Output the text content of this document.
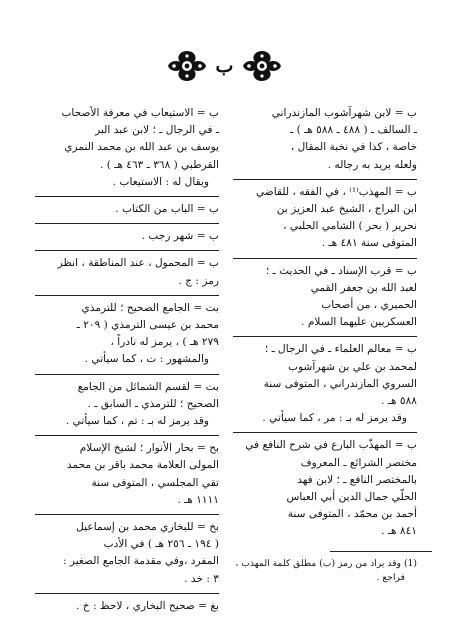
ب
ب = لابن شهرآشوب المازندراني
ـ السالف ـ ( ٤٨٨ ـ ٥٨٨ هـ ) ـ
خاصة ، كذا في نخبة المقال ،
ولعله يريد به رجاله .
ب = المهذب⁽¹⁾ ، في الفقه ، للقاضي
ابن البراج ، الشيخ عبد العزيز بن
نحرير ( بحر ) الشامي الحلبي ،
المتوفى سنة ٤٨١ هـ .
ب = قرب الإسناد ـ في الحديث ـ ؛
لعبد الله بن جعفر القمي
الحميري ، من أصحاب
العسكريين عليهما السلام .
ب = معالم العلماء ـ في الرجال ـ ؛
لمحمد بن علي بن شهرآشوب
السروي المازندراني ، المتوفى سنة
٥٨٨ هـ .
وقد يرمز له بـ : مر ، كما سيأتي .
ب = المهذّب البارع في شرح النافع في
مختصر الشرائع ـ المعروف
بالمختصر النافع ـ ؛ لابن فهد
الحلّي جمال الدين أبي العباس
أحمد بن محمّد ، المتوفى سنة
٨٤١ هـ .
ب = الاستيعاب في معرفة الأصحاب
ـ في الرجال ـ ؛ لابن عبد البر
يوسف بن عبد الله بن محمد النمري
القرطبي ( ٣٦٨ ـ ٤٦٣ هـ ) .
ويقال له : الاستيعاب .
ب = الباب من الكتاب .
ب = شهر رجب .
ب = المحمول ، عند المناطقة ، انظر
رمز : ج .
بت = الجامع الصحيح ؛ للترمذي
محمد بن عيسى الترمذي ( ٢٠٩ ـ
٢٧٩ هـ ) ، يرمز له نادراً ،
والمشهور : ت ، كما سيأتي .
بت = لقسم الشمائل من الجامع
الصحيح ؛ للترمذي ـ السابق ـ .
وقد يرمز له بـ : تم ، كما سيأتي .
بح = بحار الأنوار ؛ لشيخ الإسلام
المولى العلامة محمد باقر بن محمد
تقي المجلسي ، المتوفى سنة
١١١١ هـ .
بخ = للبخاري محمد بن إسماعيل
( ١٩٤ ـ ٢٥٦ هـ ) في الأدب
المفرد ،وفي مقدمة الجامع الصغير :
٣ : خد .
بغ = صحيح البخاري ، لاحظ : خ .
(1) وقد يراد من رمز (ب) مطلق كلمة المهذب ،
فراجع .
